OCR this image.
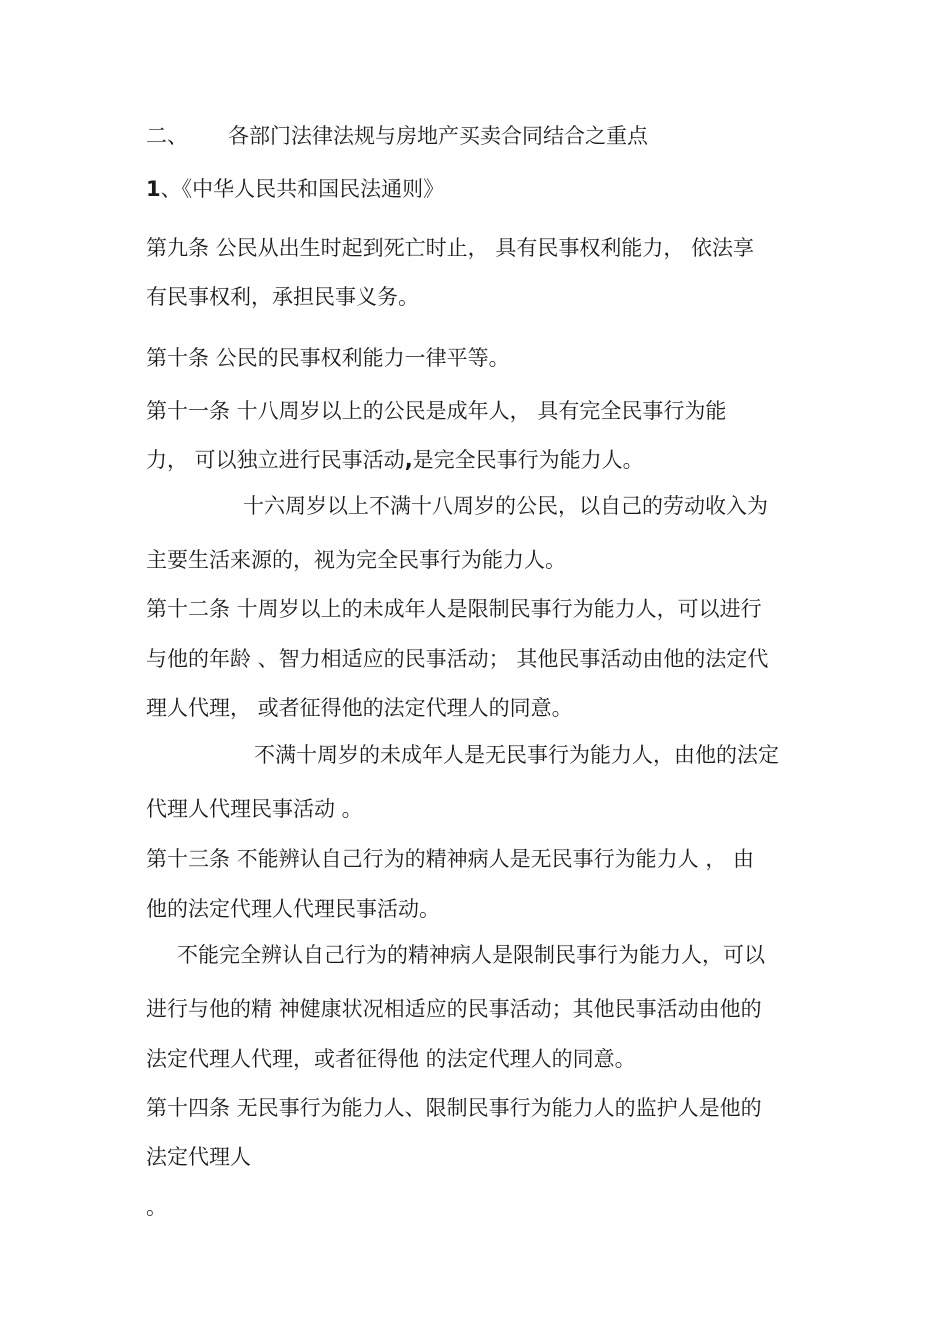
二、 各部门法律法规与房地产买卖合同结合之重点
1、《中华人民共和国民法通则》
第九条 公民从出生时起到死亡时止， 具有民事权利能力， 依法享
有民事权利，承担民事义务。
第十条 公民的民事权利能力一律平等。
第十一条 十八周岁以上的公民是成年人， 具有完全民事行为能
力， 可以独立进行民事活动,是完全民事行为能力人。
十六周岁以上不满十八周岁的公民，以自己的劳动收入为
主要生活来源的，视为完全民事行为能力人。
第十二条 十周岁以上的未成年人是限制民事行为能力人，可以进行
与他的年龄 、智力相适应的民事活动； 其他民事活动由他的法定代
理人代理， 或者征得他的法定代理人的同意。
不满十周岁的未成年人是无民事行为能力人，由他的法定
代理人代理民事活动 。
第十三条 不能辨认自己行为的精神病人是无民事行为能力人 ， 由
他的法定代理人代理民事活动。
不能完全辨认自己行为的精神病人是限制民事行为能力人，可以
进行与他的精 神健康状况相适应的民事活动；其他民事活动由他的
法定代理人代理，或者征得他 的法定代理人的同意。
第十四条 无民事行为能力人、限制民事行为能力人的监护人是他的
法定代理人
。
